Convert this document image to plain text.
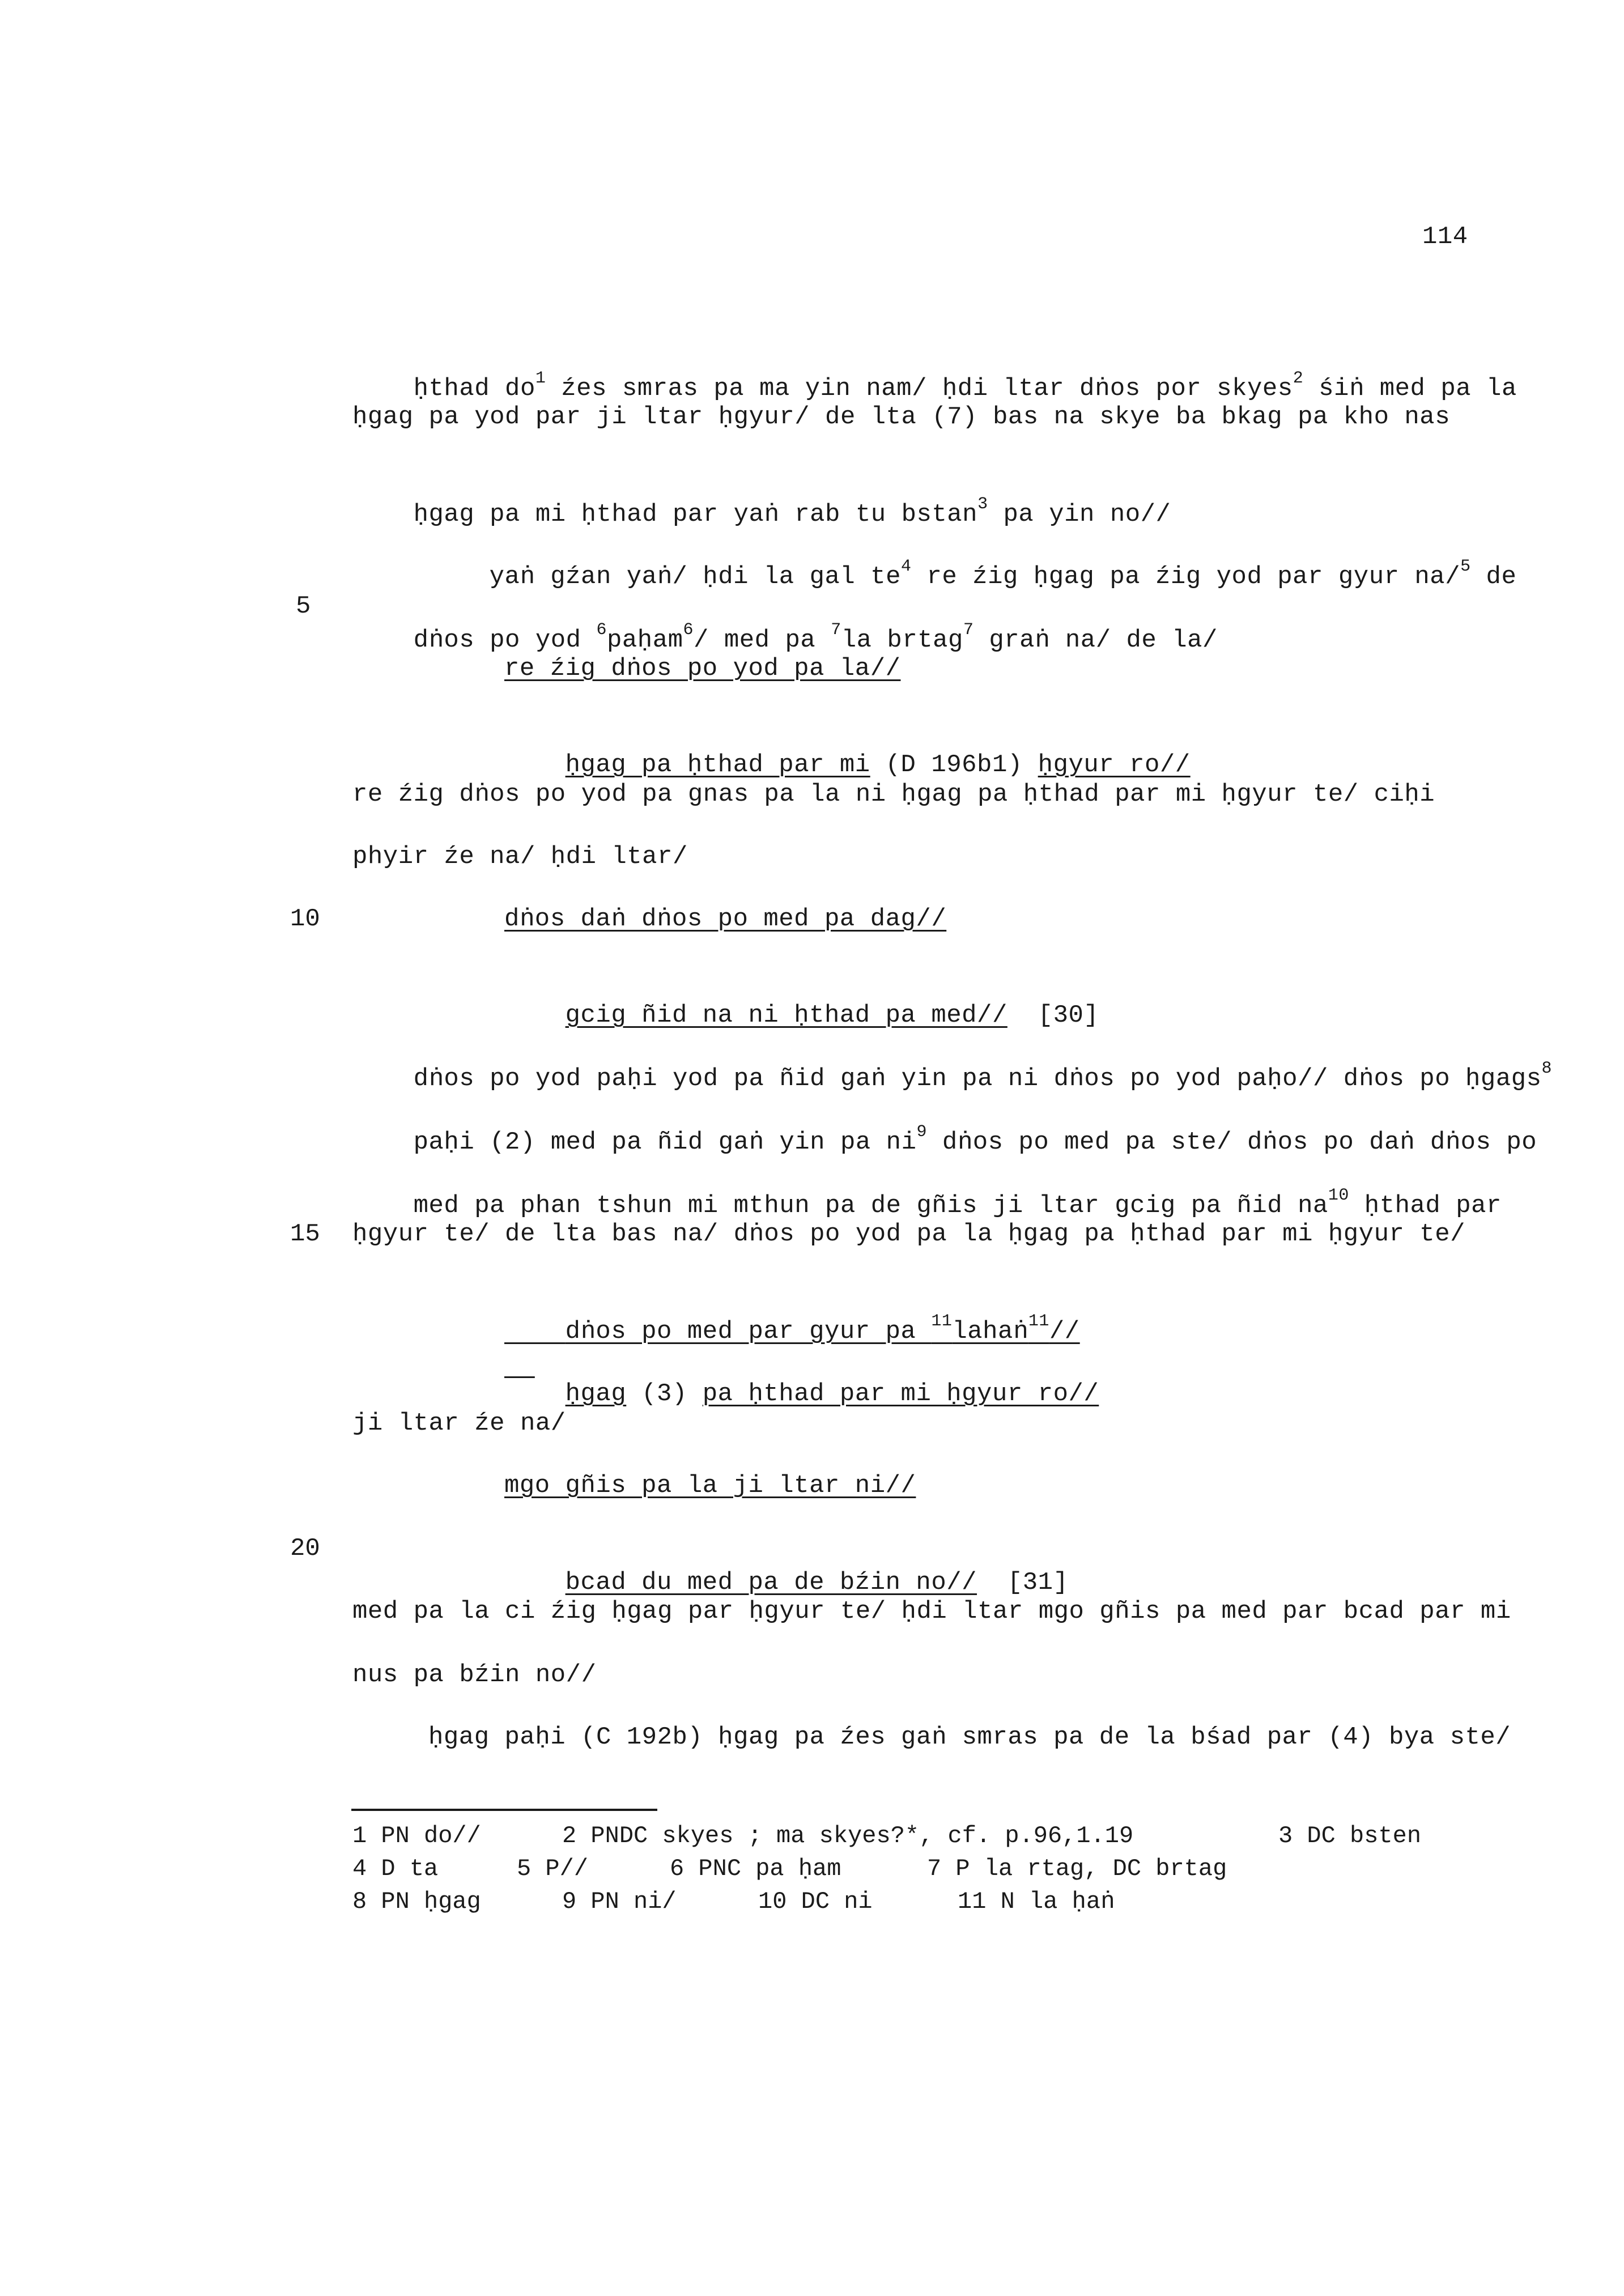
114
5
10
15
20

ḥthad $do^1$ źes smras pa ma yin nam/ ḥdi ltar dṅos por skyes$^2$ śiṅ med pa la

ḥgag pa yod par ji ltar ḥgyur/ de lta (7) bas na skye ba bkag pa kho nas

ḥgag pa mi ḥthad par yaṅ rab tu bstan$^3$ pa yin no//

yaṅ gźan yaṅ/ ḥdi la gal $te^4$ re źig ḥgag pa źig yod par gyur na/$^5$ de

dṅos po yod $^6$paḥam$^6$/ med pa $^7$la brtag$^7$ graṅ na/ de la/

re źig dṅos po yod pa la//

ḥgag pa ḥthad par mi (D 196b1) ḥgyur ro//

re źig dṅos po yod pa gnas pa la ni ḥgag pa ḥthad par mi ḥgyur te/ ciḥi
phyir źe na/ ḥdi ltar/
dṅos daṅ dṅos po med pa dag//

gcig ñid na ni ḥthad pa med//  [30]

dṅos po yod paḥi yod pa ñid gaṅ yin pa ni dṅos po yod paḥo// dṅos po ḥgags$^8$

paḥi (2) med pa ñid gaṅ yin pa $ni^9$ dṅos po med pa ste/ dṅos po daṅ dṅos po

med pa phan tshun mi mthun pa de gñis ji ltar gcig pa ñid $na^{10}$ ḥthad par

ḥgyur te/ de lta bas na/ dṅos po yod pa la ḥgag pa ḥthad par mi ḥgyur te/

dṅos po med par gyur pa $^{11}$lahaṅ$^{11}$//

ḥgag (3) pa ḥthad par mi ḥgyur ro//

ji ltar źe na/
mgo gñis pa la ji ltar ni//

bcad du med pa de bźin no//  [31]

med pa la ci źig ḥgag par ḥgyur te/ ḥdi ltar mgo gñis pa med par bcad par mi
nus pa bźin no//
ḥgag paḥi (C 192b) ḥgag pa źes gaṅ smras pa de la bśad par (4) bya ste/
1 PN do//	2 PNDC skyes ; ma skyes?*, cf. p.96,1.19	3 DC bsten
4 D ta	5 P//	6 PNC pa ḥam	7 P la rtag, DC brtag
8 PN ḥgag	9 PN ni/	10 DC ni	11 N la ḥaṅ
